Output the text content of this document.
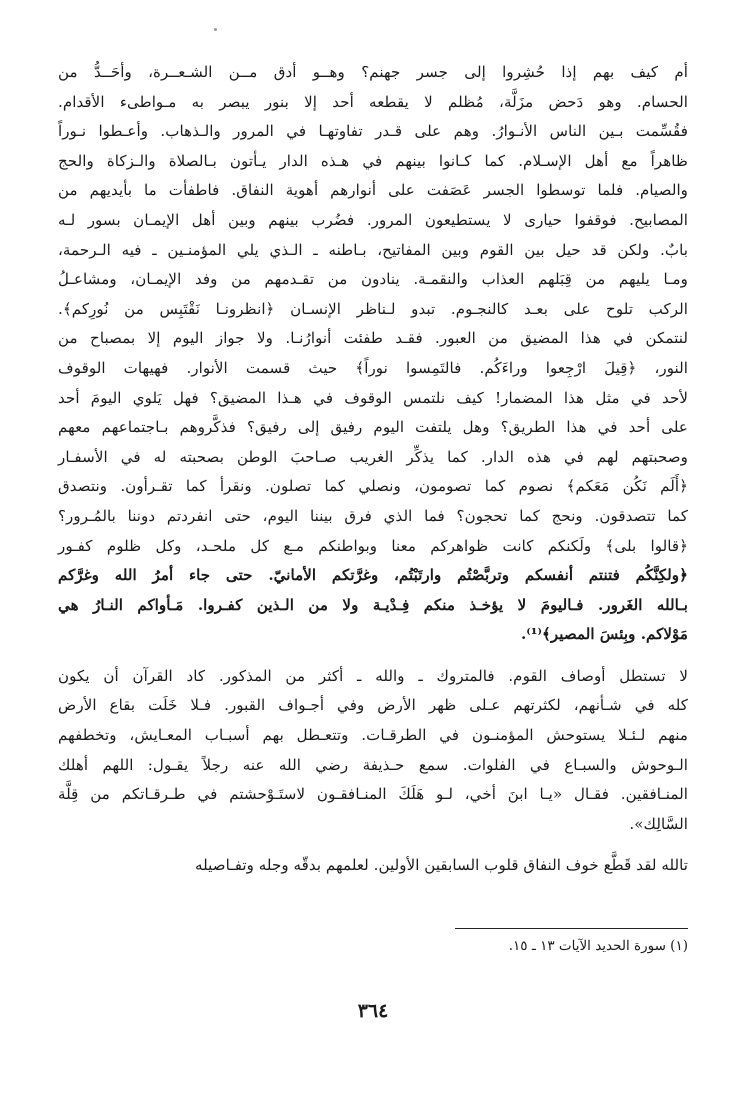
أم كيف بهم إذا حُشِروا إلى جسر جهنم؟ وهــو أدق مــن الشـعــرة، وأحَــدُّ من
الحسام. وهو دَحض مزَلَّة، مُظلم لا يقطعه أحد إلا بنور يبصر به مـواطىء الأقدام.
فقُسِّمت بـين الناس الأنـوارُ. وهم على قـدر تفاوتهـا في المرور والـذهاب. وأعـطوا نـوراً
ظاهراً مع أهل الإسـلام. كما كـانوا بينهم في هـذه الدار يـأتون بـالصلاة والـزكاة والحج
والصيام. فلما توسطوا الجسر عَصَفت على أنوارهم أهوية النفاق. فاطفأت ما بأيديهم من
المصابيح. فوقفوا حيارى لا يستطيعون المرور. فضُرب بينهم وبين أهل الإيمـان بسور لـه
بابٌ. ولكن قد حيل بين القوم وبين المفاتيح، بـاطنه ـ الـذي يلي المؤمنـين ـ فيه الـرحمة،
ومـا يليهم من قِبَلهم العذاب والنقمـة. ينادون من تقـدمهم من وفد الإيمـان، ومشاعـلُ
الركب تلوح على بعـد كالنجـوم. تبدو لـناظر الإنسـان ﴿انظرونـا نَقْتَبِس من نُورِكم﴾.
لنتمكن في هذا المضيق من العبور. فقـد طفئت أنوارُنـا. ولا جواز اليوم إلا بمصباح من
النور، ﴿قِيلَ ارْجِعوا وراءَكُم. فالتَمِسوا نوراً﴾ حيث قسمت الأنوار. فهيهات الوقوف
لأحد في مثل هذا المضمار! كيف نلتمس الوقوف في هـذا المضيق؟ فهل يَلوي اليومَ أحد
على أحد في هذا الطريق؟ وهل يلتفت اليوم رفيق إلى رفيق؟ فذكَّروهم بـاجتماعهم معهم
وصحبتهم لهم في هذه الدار. كما يذكِّر الغريب صـاحبَ الوطن بصحبته له في الأسفـار
﴿أَلَم نَكُن مَعَكم﴾ نصوم كما تصومون، ونصلي كما تصلون. ونقرأ كما تقـرأون. ونتصدق
كما تتصدقون. ونحج كما تحجون؟ فما الذي فرق بيننا اليوم، حتى انفردتم دوننا بالمُـرور؟
﴿قالوا بلى﴾ ولَكنكم كانت ظواهركم معنا وبواطنكم مـع كل ملحـد، وكل ظلوم كفـور
﴿ولكِنَّكُم فتنتم أنفسكم وتربَّصْتُم وارتَبْتُم، وغرَّتكم الأمانيّ. حتى جاء أمرُ الله وغرَّكم
بـالله الغَرور. فـاليومَ لا يؤخـذ منكم فِـدْيـة ولا من الـذين كفـروا. مَـأواكم النـارُ هي
مَوْلاكم. وبِئسَ المصير﴾⁽¹⁾.
لا تستطل أوصاف القوم. فالمتروك ـ والله ـ أكثر من المذكور. كاد القرآن أن يكون
كله في شـأنهم، لكثرتهم عـلى ظهر الأرض وفي أجـواف القبور. فـلا خَلَت بقاع الأرض
منهم لـئـلا يستوحش المؤمنـون في الطرقـات. وتتعـطل بهم أسبـاب المعـايش، وتخطفهم
الـوحوش والسبـاع في الفلوات. سمع حـذيفة رضي الله عنه رجلاً يقـول: اللهم أهلك
المنـافقين. فقـال «يـا ابنَ أخي، لـو هَلَكَ المنـافقـون لاستَـوْحشتم في طـرقـاتكم من قِلَّة
السَّالِك».
تالله لقد قَطَّع خوف النفاق قلوب السابقين الأولين. لعلمهم بدقّه وجله وتفـاصيله
(١) سورة الحديد الآيات ١٣ ـ ١٥.
٣٦٤
